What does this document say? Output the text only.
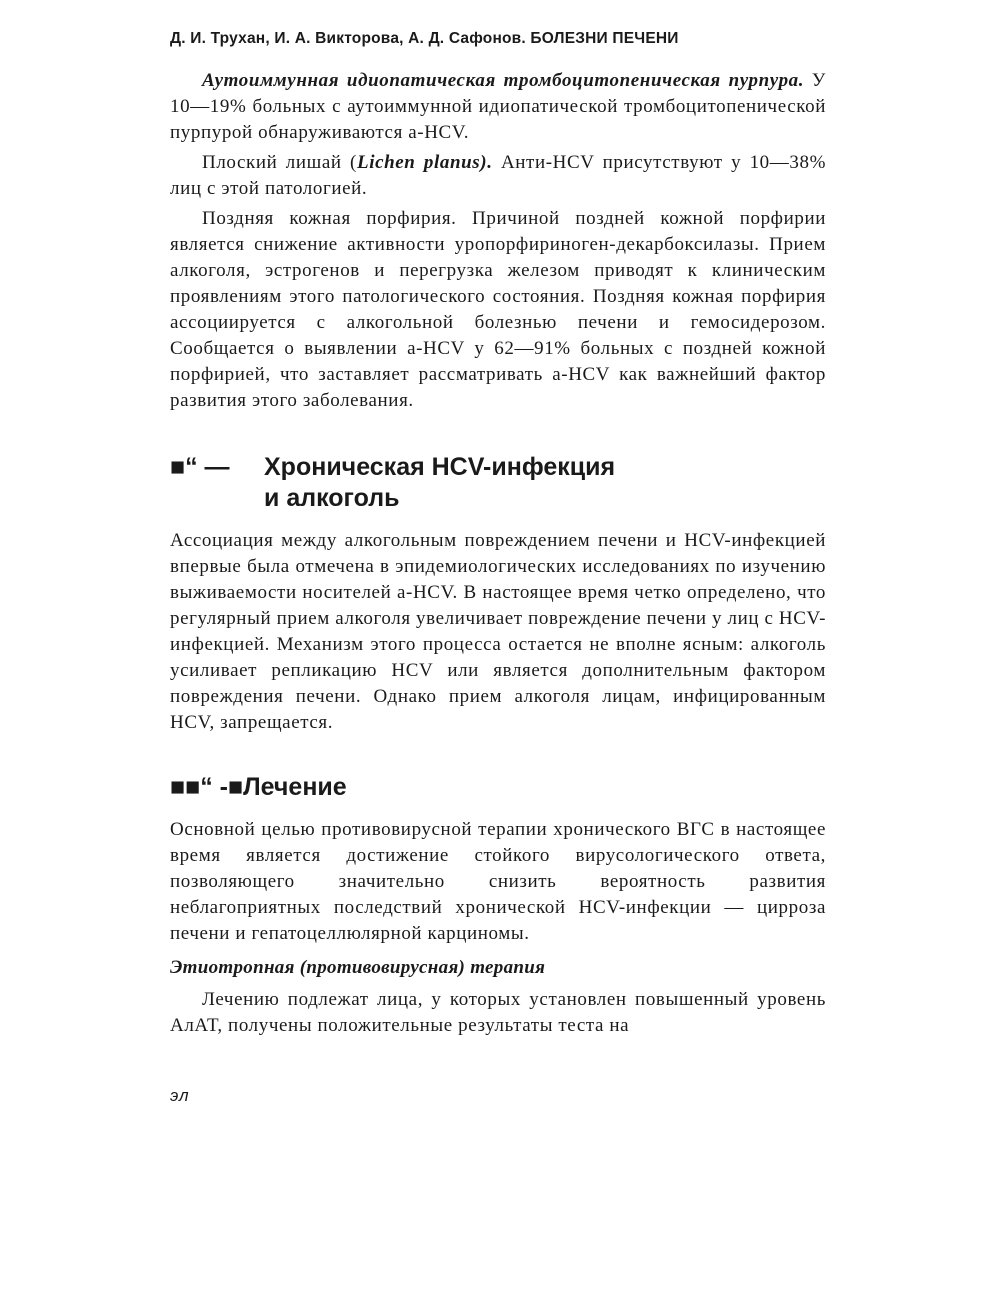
Д. И. Трухан, И. А. Викторова, А. Д. Сафонов. БОЛЕЗНИ ПЕЧЕНИ

Аутоиммунная идиопатическая тромбоцитопеническая пурпура. У 10—19% больных с аутоиммунной идиопатической тромбоцитопенической пурпурой обнаруживаются a-HCV.

Плоский лишай (Lichen planus). Анти-HCV присутствуют у 10—38% лиц с этой патологией.

Поздняя кожная порфирия. Причиной поздней кожной порфирии является снижение активности уропорфириноген-декарбоксилазы. Прием алкоголя, эстрогенов и перегрузка железом приводят к клиническим проявлениям этого патологического состояния. Поздняя кожная порфирия ассоциируется с алкогольной болезнью печени и гемосидерозом. Сообщается о выявлении a-HCV у 62—91% больных с поздней кожной порфирией, что заставляет рассматривать a-HCV как важнейший фактор развития этого заболевания.

■“ —	Хроническая HCV-инфекция
и алкоголь

Ассоциация между алкогольным повреждением печени и HCV-инфекцией впервые была отмечена в эпидемиологических исследованиях по изучению выживаемости носителей a-HCV. В настоящее время четко определено, что регулярный прием алкоголя увеличивает повреждение печени у лиц с HCV-инфекцией. Механизм этого процесса остается не вполне ясным: алкоголь усиливает репликацию HCV или является дополнительным фактором повреждения печени. Однако прием алкоголя лицам, инфицированным HCV, запрещается.

■■“ -■ Лечение

Основной целью противовирусной терапии хронического ВГС в настоящее время является достижение стойкого вирусологического ответа, позволяющего значительно снизить вероятность развития неблагоприятных последствий хронической HCV-инфекции — цирроза печени и гепатоцеллюлярной карциномы.

Этиотропная (противовирусная) терапия

Лечению подлежат лица, у которых установлен повышенный уровень АлАТ, получены положительные результаты теста на

эл
